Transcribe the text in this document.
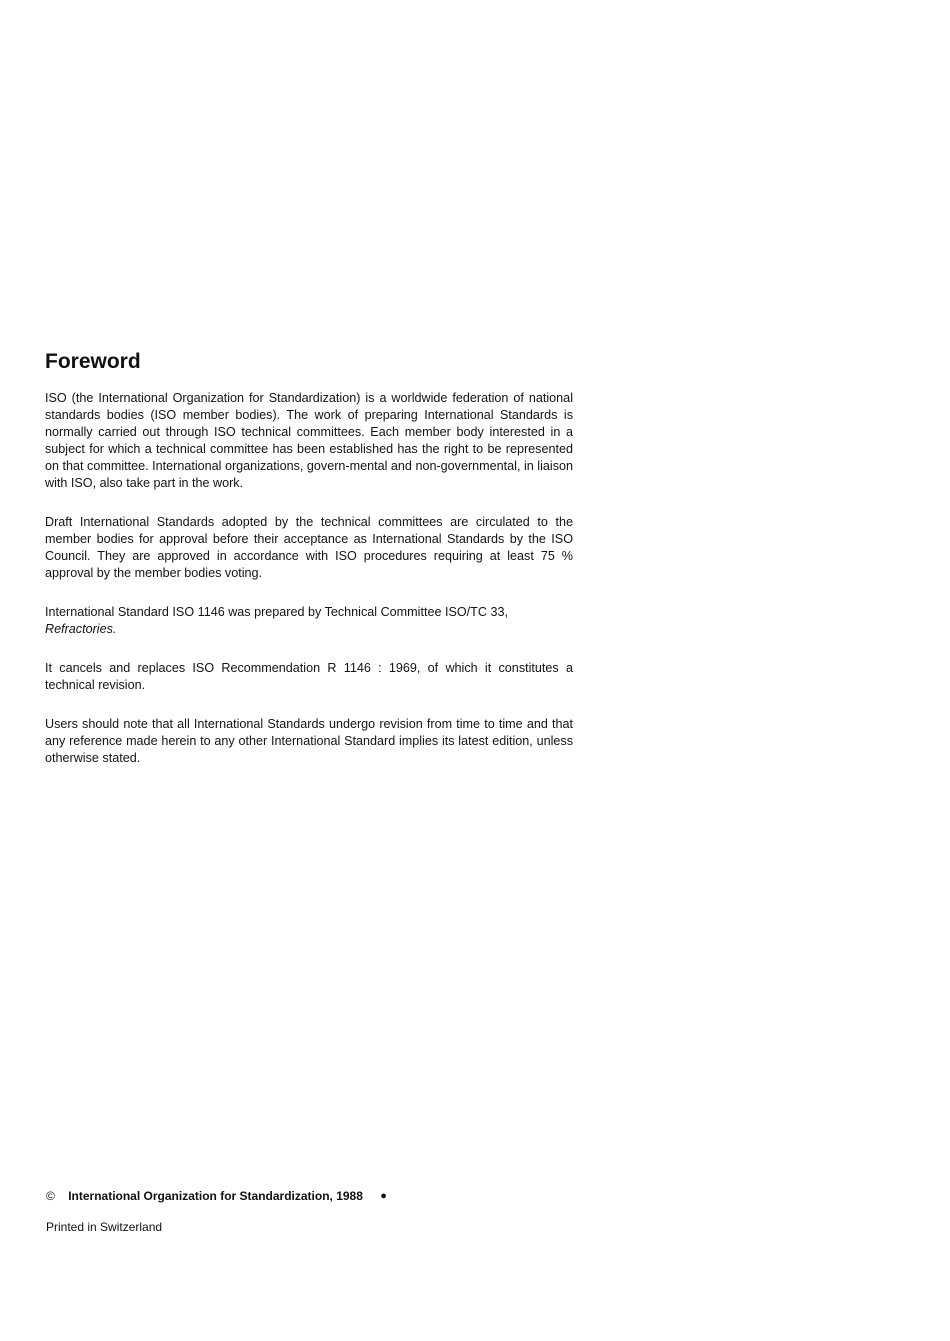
Foreword

ISO (the International Organization for Standardization) is a worldwide federation of national standards bodies (ISO member bodies). The work of preparing International Standards is normally carried out through ISO technical committees. Each member body interested in a subject for which a technical committee has been established has the right to be represented on that committee. International organizations, govern-mental and non-governmental, in liaison with ISO, also take part in the work.

Draft International Standards adopted by the technical committees are circulated to the member bodies for approval before their acceptance as International Standards by the ISO Council. They are approved in accordance with ISO procedures requiring at least 75 % approval by the member bodies voting.

International Standard ISO 1146 was prepared by Technical Committee ISO/TC 33,
Refractories.

It cancels and replaces ISO Recommendation R 1146 : 1969, of which it constitutes a technical revision.

Users should note that all International Standards undergo revision from time to time and that any reference made herein to any other International Standard implies its latest edition, unless otherwise stated.

© International Organization for Standardization, 1988 ●
Printed in Switzerland
